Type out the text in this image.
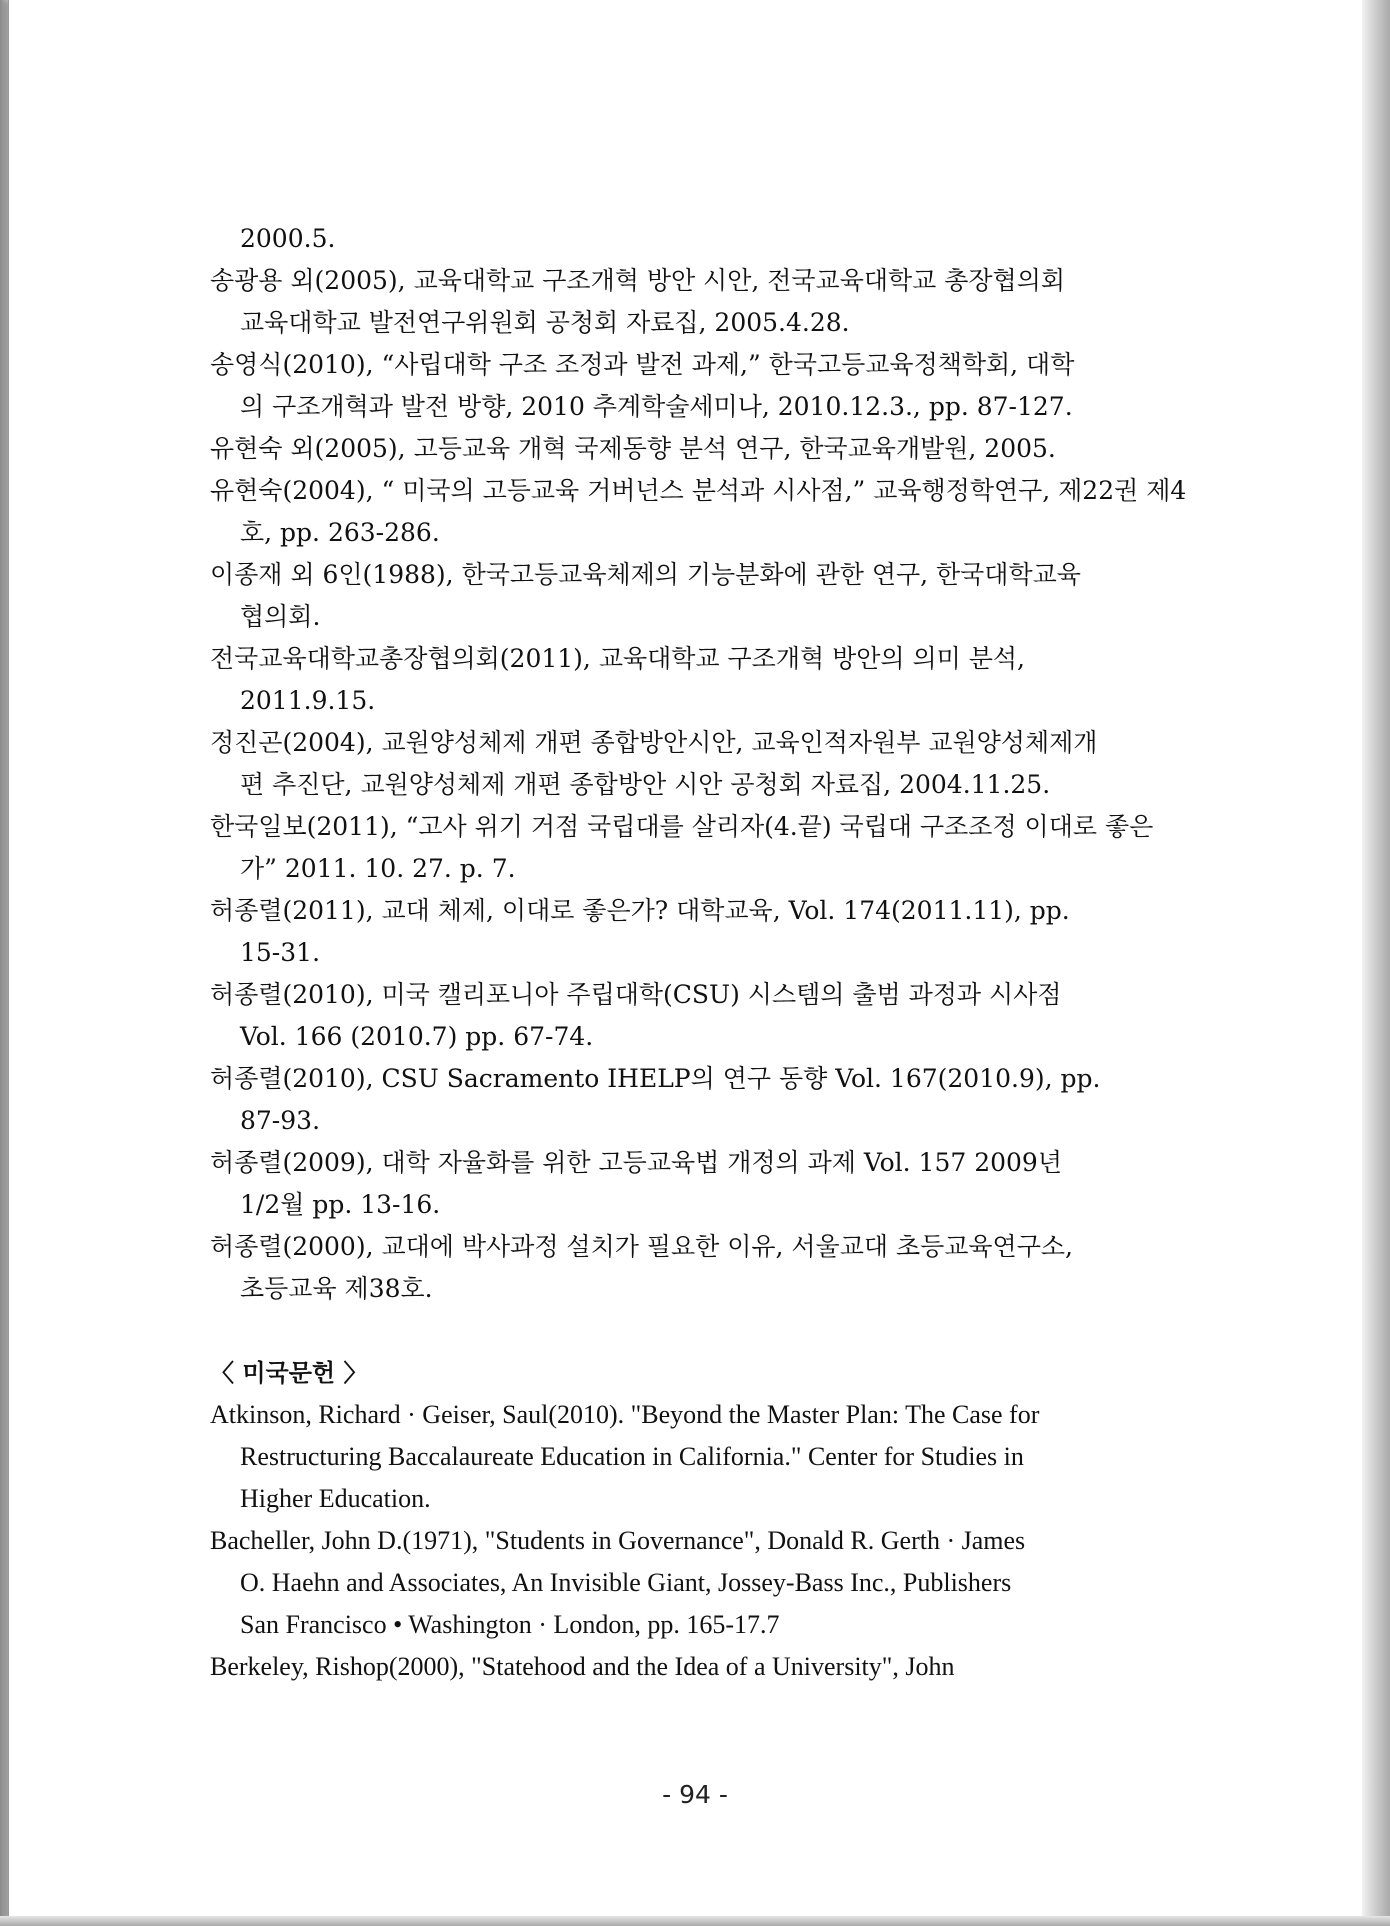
2000.5.

송광용 외(2005), 교육대학교 구조개혁 방안 시안, 전국교육대학교 총장협의회

교육대학교 발전연구위원회 공청회 자료집, 2005.4.28.

송영식(2010), “사립대학 구조 조정과 발전 과제,” 한국고등교육정책학회, 대학

의 구조개혁과 발전 방향, 2010 추계학술세미나, 2010.12.3., pp. 87-127.

유현숙 외(2005), 고등교육 개혁 국제동향 분석 연구, 한국교육개발원, 2005.

유현숙(2004), “ 미국의 고등교육 거버넌스 분석과 시사점,” 교육행정학연구, 제22권 제4

호, pp. 263-286.

이종재 외 6인(1988), 한국고등교육체제의 기능분화에 관한 연구, 한국대학교육

협의회.

전국교육대학교총장협의회(2011), 교육대학교 구조개혁 방안의 의미 분석,

2011.9.15.

정진곤(2004), 교원양성체제 개편 종합방안시안, 교육인적자원부 교원양성체제개

편 추진단, 교원양성체제 개편 종합방안 시안 공청회 자료집, 2004.11.25.

한국일보(2011), “고사 위기 거점 국립대를 살리자(4.끝) 국립대 구조조정 이대로 좋은

가” 2011. 10. 27. p. 7.

허종렬(2011), 교대 체제, 이대로 좋은가? 대학교육, Vol. 174(2011.11), pp.

15-31.

허종렬(2010), 미국 캘리포니아 주립대학(CSU) 시스템의 출범 과정과 시사점

Vol. 166 (2010.7) pp. 67-74.

허종렬(2010), CSU Sacramento IHELP의 연구 동향 Vol. 167(2010.9), pp.

87-93.

허종렬(2009), 대학 자율화를 위한 고등교육법 개정의 과제 Vol. 157 2009년

1/2월 pp. 13-16.

허종렬(2000), 교대에 박사과정 설치가 필요한 이유, 서울교대 초등교육연구소,

초등교육 제38호.

〈 미국문헌 〉

Atkinson, Richard · Geiser, Saul(2010). "Beyond the Master Plan: The Case for

Restructuring Baccalaureate Education in California." Center for Studies in

Higher Education.

Bacheller, John D.(1971), "Students in Governance", Donald R. Gerth · James

O. Haehn and Associates, An Invisible Giant, Jossey-Bass Inc., Publishers

San Francisco • Washington · London, pp. 165-17.7

Berkeley, Rishop(2000), "Statehood and the Idea of a University", John

- 94 -
